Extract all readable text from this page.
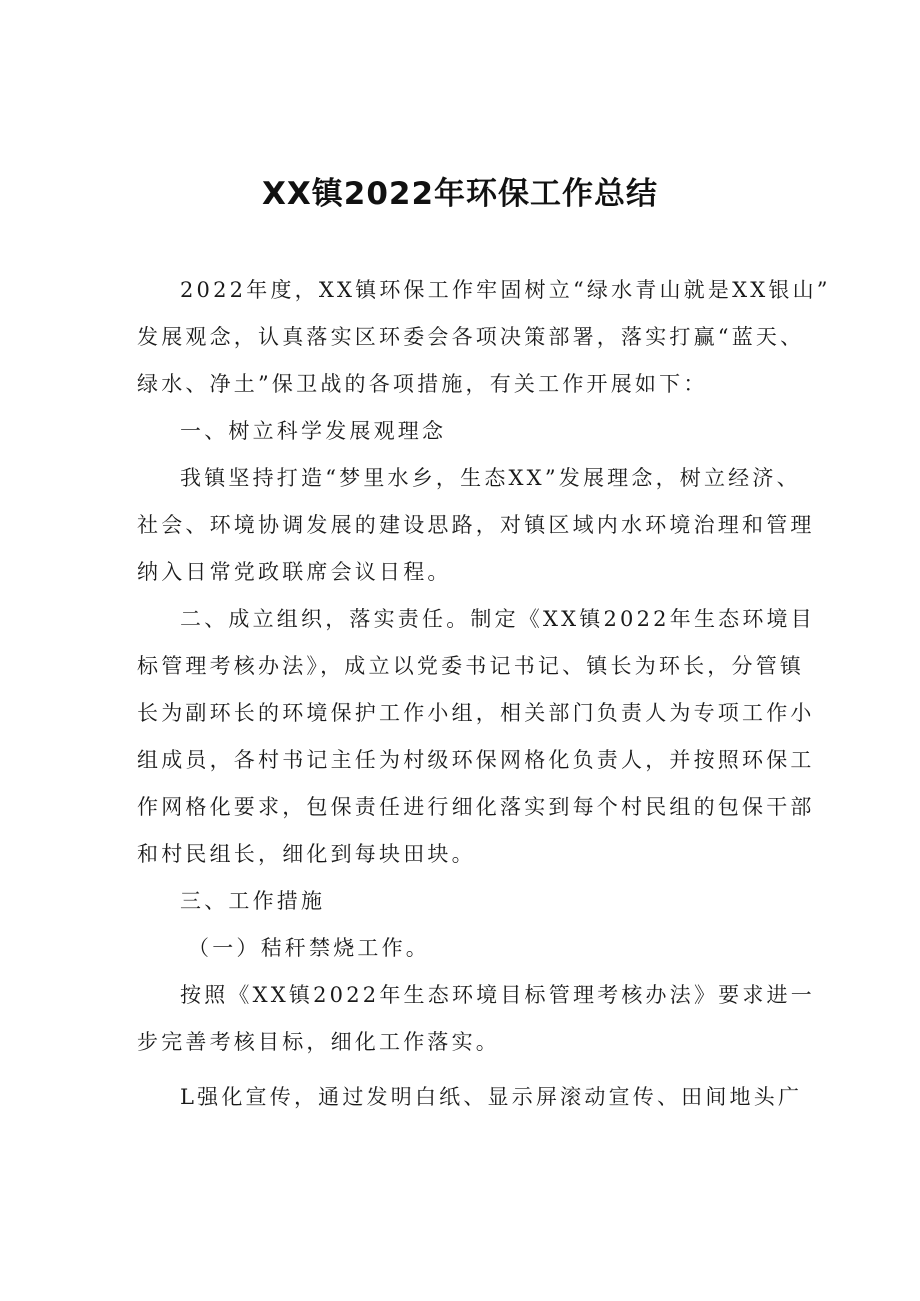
XX镇2022年环保工作总结
2022年度，XX镇环保工作牢固树立“绿水青山就是XX银山”
发展观念，认真落实区环委会各项决策部署，落实打赢“蓝天、
绿水、净土”保卫战的各项措施，有关工作开展如下：
一、树立科学发展观理念
我镇坚持打造“梦里水乡，生态XX”发展理念，树立经济、
社会、环境协调发展的建设思路，对镇区域内水环境治理和管理
纳入日常党政联席会议日程。
二、成立组织，落实责任。制定《XX镇2022年生态环境目
标管理考核办法》，成立以党委书记书记、镇长为环长，分管镇
长为副环长的环境保护工作小组，相关部门负责人为专项工作小
组成员，各村书记主任为村级环保网格化负责人，并按照环保工
作网格化要求，包保责任进行细化落实到每个村民组的包保干部
和村民组长，细化到每块田块。
三、工作措施
（一）秸秆禁烧工作。
按照《XX镇2022年生态环境目标管理考核办法》要求进一
步完善考核目标，细化工作落实。
L强化宣传，通过发明白纸、显示屏滚动宣传、田间地头广
